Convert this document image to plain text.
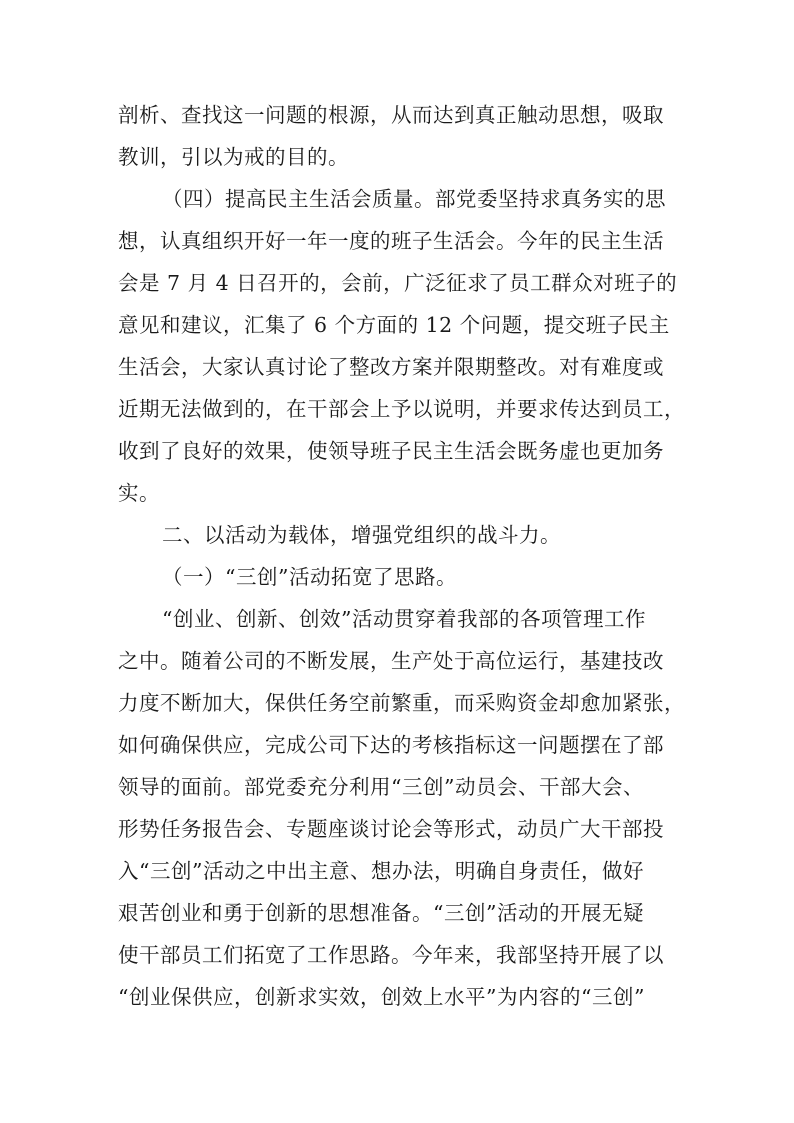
剖析、查找这一问题的根源，从而达到真正触动思想，吸取
教训，引以为戒的目的。
（四）提高民主生活会质量。部党委坚持求真务实的思
想，认真组织开好一年一度的班子生活会。今年的民主生活
会是 7 月 4 日召开的，会前，广泛征求了员工群众对班子的
意见和建议，汇集了 6 个方面的 12 个问题，提交班子民主
生活会，大家认真讨论了整改方案并限期整改。对有难度或
近期无法做到的，在干部会上予以说明，并要求传达到员工，
收到了良好的效果，使领导班子民主生活会既务虚也更加务
实。
二、以活动为载体，增强党组织的战斗力。
（一）“三创”活动拓宽了思路。
“创业、创新、创效”活动贯穿着我部的各项管理工作
之中。随着公司的不断发展，生产处于高位运行，基建技改
力度不断加大，保供任务空前繁重，而采购资金却愈加紧张，
如何确保供应，完成公司下达的考核指标这一问题摆在了部
领导的面前。部党委充分利用“三创”动员会、干部大会、
形势任务报告会、专题座谈讨论会等形式，动员广大干部投
入“三创”活动之中出主意、想办法，明确自身责任，做好
艰苦创业和勇于创新的思想准备。“三创”活动的开展无疑
使干部员工们拓宽了工作思路。今年来，我部坚持开展了以
“创业保供应，创新求实效，创效上水平”为内容的“三创”
